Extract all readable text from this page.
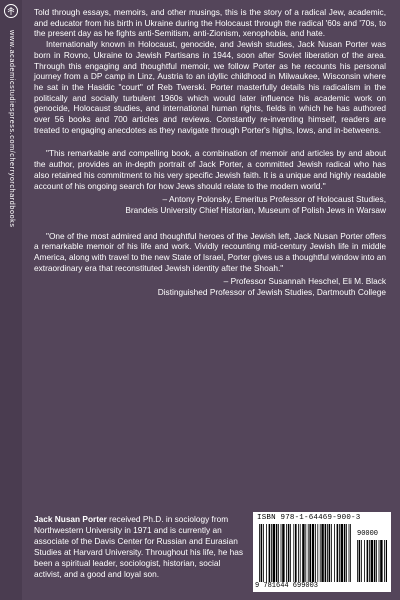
www.academicstudiespress.com/cherryorchardbooks

Told through essays, memoirs, and other musings, this is the story of a radical Jew, academic, and educator from his birth in Ukraine during the Holocaust through the radical '60s and '70s, to the present day as he fights anti-Semitism, anti-Zionism, xenophobia, and hate.

Internationally known in Holocaust, genocide, and Jewish studies, Jack Nusan Porter was born in Rovno, Ukraine to Jewish Partisans in 1944, soon after Soviet liberation of the area. Through this engaging and thoughtful memoir, we follow Porter as he recounts his personal journey from a DP camp in Linz, Austria to an idyllic childhood in Milwaukee, Wisconsin where he sat in the Hasidic "court" of Reb Twerski. Porter masterfully details his radicalism in the politically and socially turbulent 1960s which would later influence his academic work on genocide, Holocaust studies, and international human rights, fields in which he has authored over 56 books and 700 articles and reviews. Constantly re-inventing himself, readers are treated to engaging anecdotes as they navigate through Porter's highs, lows, and in-betweens.

"This remarkable and compelling book, a combination of memoir and articles by and about the author, provides an in-depth portrait of Jack Porter, a committed Jewish radical who has also retained his commitment to his very specific Jewish faith. It is a unique and highly readable account of his ongoing search for how Jews should relate to the modern world."

– Antony Polonsky, Emeritus Professor of Holocaust Studies,
Brandeis University Chief Historian, Museum of Polish Jews in Warsaw

"One of the most admired and thoughtful heroes of the Jewish left, Jack Nusan Porter offers a remarkable memoir of his life and work. Vividly recounting mid-century Jewish life in middle America, along with travel to the new State of Israel, Porter gives us a thoughtful window into an extraordinary era that reconstituted Jewish identity after the Shoah."

– Professor Susannah Heschel, Eli M. Black
Distinguished Professor of Jewish Studies, Dartmouth College
Jack Nusan Porter received Ph.D. in sociology from Northwestern University in 1971 and is currently an associate of the Davis Center for Russian and Eurasian Studies at Harvard University. Throughout his life, he has been a spiritual leader, sociologist, historian, social activist, and a good and loyal son.
ISBN 978-1-64469-900-3
90000
9 781644 699003
